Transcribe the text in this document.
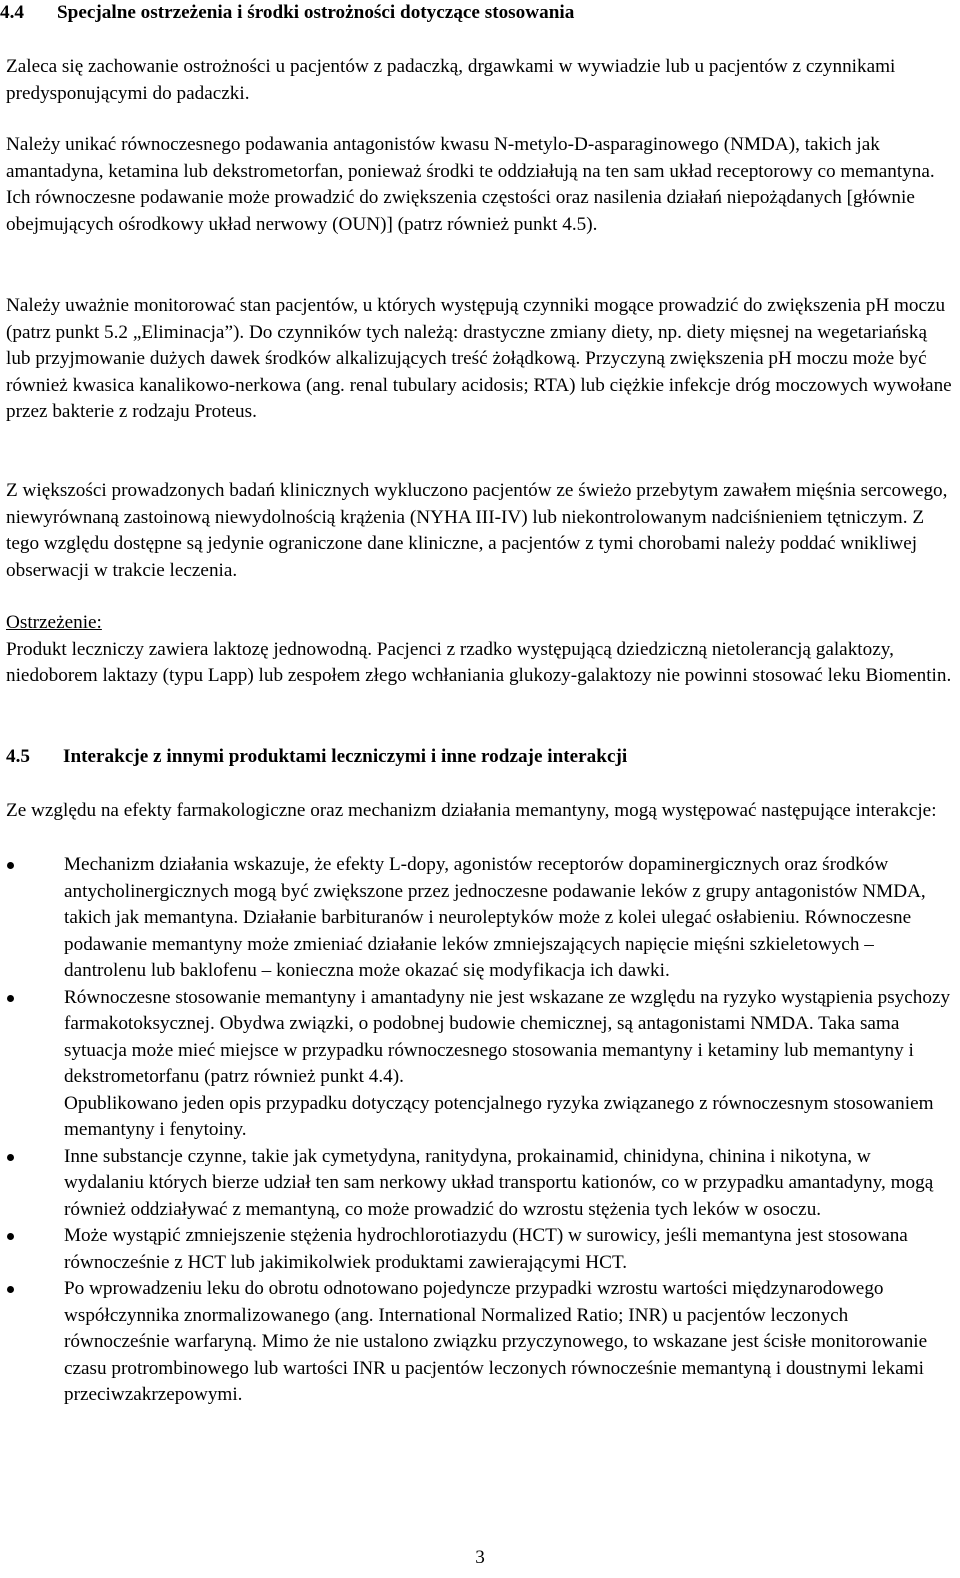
4.4	Specjalne ostrzeżenia i środki ostrożności dotyczące stosowania

Zaleca się zachowanie ostrożności u pacjentów z padaczką, drgawkami w wywiadzie lub u pacjentów z czynnikami predysponującymi do padaczki.

Należy unikać równoczesnego podawania antagonistów kwasu N-metylo-D-asparaginowego (NMDA), takich jak amantadyna, ketamina lub dekstrometorfan, ponieważ środki te oddziałują na ten sam układ receptorowy co memantyna. Ich równoczesne podawanie może prowadzić do zwiększenia częstości oraz nasilenia działań niepożądanych [głównie obejmujących ośrodkowy układ nerwowy (OUN)] (patrz również punkt 4.5).

Należy uważnie monitorować stan pacjentów, u których występują czynniki mogące prowadzić do zwiększenia pH moczu (patrz punkt 5.2 „Eliminacja”). Do czynników tych należą: drastyczne zmiany diety, np. diety mięsnej na wegetariańską lub przyjmowanie dużych dawek środków alkalizujących treść żołądkową. Przyczyną zwiększenia pH moczu może być również kwasica kanalikowo-nerkowa (ang. renal tubulary acidosis; RTA) lub ciężkie infekcje dróg moczowych wywołane przez bakterie z rodzaju Proteus.

Z większości prowadzonych badań klinicznych wykluczono pacjentów ze świeżo przebytym zawałem mięśnia sercowego, niewyrównaną zastoinową niewydolnością krążenia (NYHA III-IV) lub niekontrolowanym nadciśnieniem tętniczym. Z tego względu dostępne są jedynie ograniczone dane kliniczne, a pacjentów z tymi chorobami należy poddać wnikliwej obserwacji w trakcie leczenia.

Ostrzeżenie:

Produkt leczniczy zawiera laktozę jednowodną. Pacjenci z rzadko występującą dziedziczną nietolerancją galaktozy, niedoborem laktazy (typu Lapp) lub zespołem złego wchłaniania glukozy-galaktozy nie powinni stosować leku Biomentin.

4.5	Interakcje z innymi produktami leczniczymi i inne rodzaje interakcji

Ze względu na efekty farmakologiczne oraz mechanizm działania memantyny, mogą występować następujące interakcje:

Mechanizm działania wskazuje, że efekty L-dopy, agonistów receptorów dopaminergicznych oraz środków antycholinergicznych mogą być zwiększone przez jednoczesne podawanie leków z grupy antagonistów NMDA, takich jak memantyna. Działanie barbituranów i neuroleptyków może z kolei ulegać osłabieniu. Równoczesne podawanie memantyny może zmieniać działanie leków zmniejszających napięcie mięśni szkieletowych – dantrolenu lub baklofenu – konieczna może okazać się modyfikacja ich dawki.
Równoczesne stosowanie memantyny i amantadyny nie jest wskazane ze względu na ryzyko wystąpienia psychozy farmakotoksycznej. Obydwa związki, o podobnej budowie chemicznej, są antagonistami NMDA. Taka sama sytuacja może mieć miejsce w przypadku równoczesnego stosowania memantyny i ketaminy lub memantyny i dekstrometorfanu (patrz również punkt 4.4).

Opublikowano jeden opis przypadku dotyczący potencjalnego ryzyka związanego z równoczesnym stosowaniem memantyny i fenytoiny.

Inne substancje czynne, takie jak cymetydyna, ranitydyna, prokainamid, chinidyna, chinina i nikotyna, w wydalaniu których bierze udział ten sam nerkowy układ transportu kationów, co w przypadku amantadyny, mogą również oddziaływać z memantyną, co może prowadzić do wzrostu stężenia tych leków w osoczu.
Może wystąpić zmniejszenie stężenia hydrochlorotiazydu (HCT) w surowicy, jeśli memantyna jest stosowana równocześnie z HCT lub jakimikolwiek produktami zawierającymi HCT.
Po wprowadzeniu leku do obrotu odnotowano pojedyncze przypadki wzrostu wartości międzynarodowego współczynnika znormalizowanego (ang. International Normalized Ratio; INR) u pacjentów leczonych równocześnie warfaryną. Mimo że nie ustalono związku przyczynowego, to wskazane jest ścisłe monitorowanie czasu protrombinowego lub wartości INR u pacjentów leczonych równocześnie memantyną i doustnymi lekami przeciwzakrzepowymi.
3
